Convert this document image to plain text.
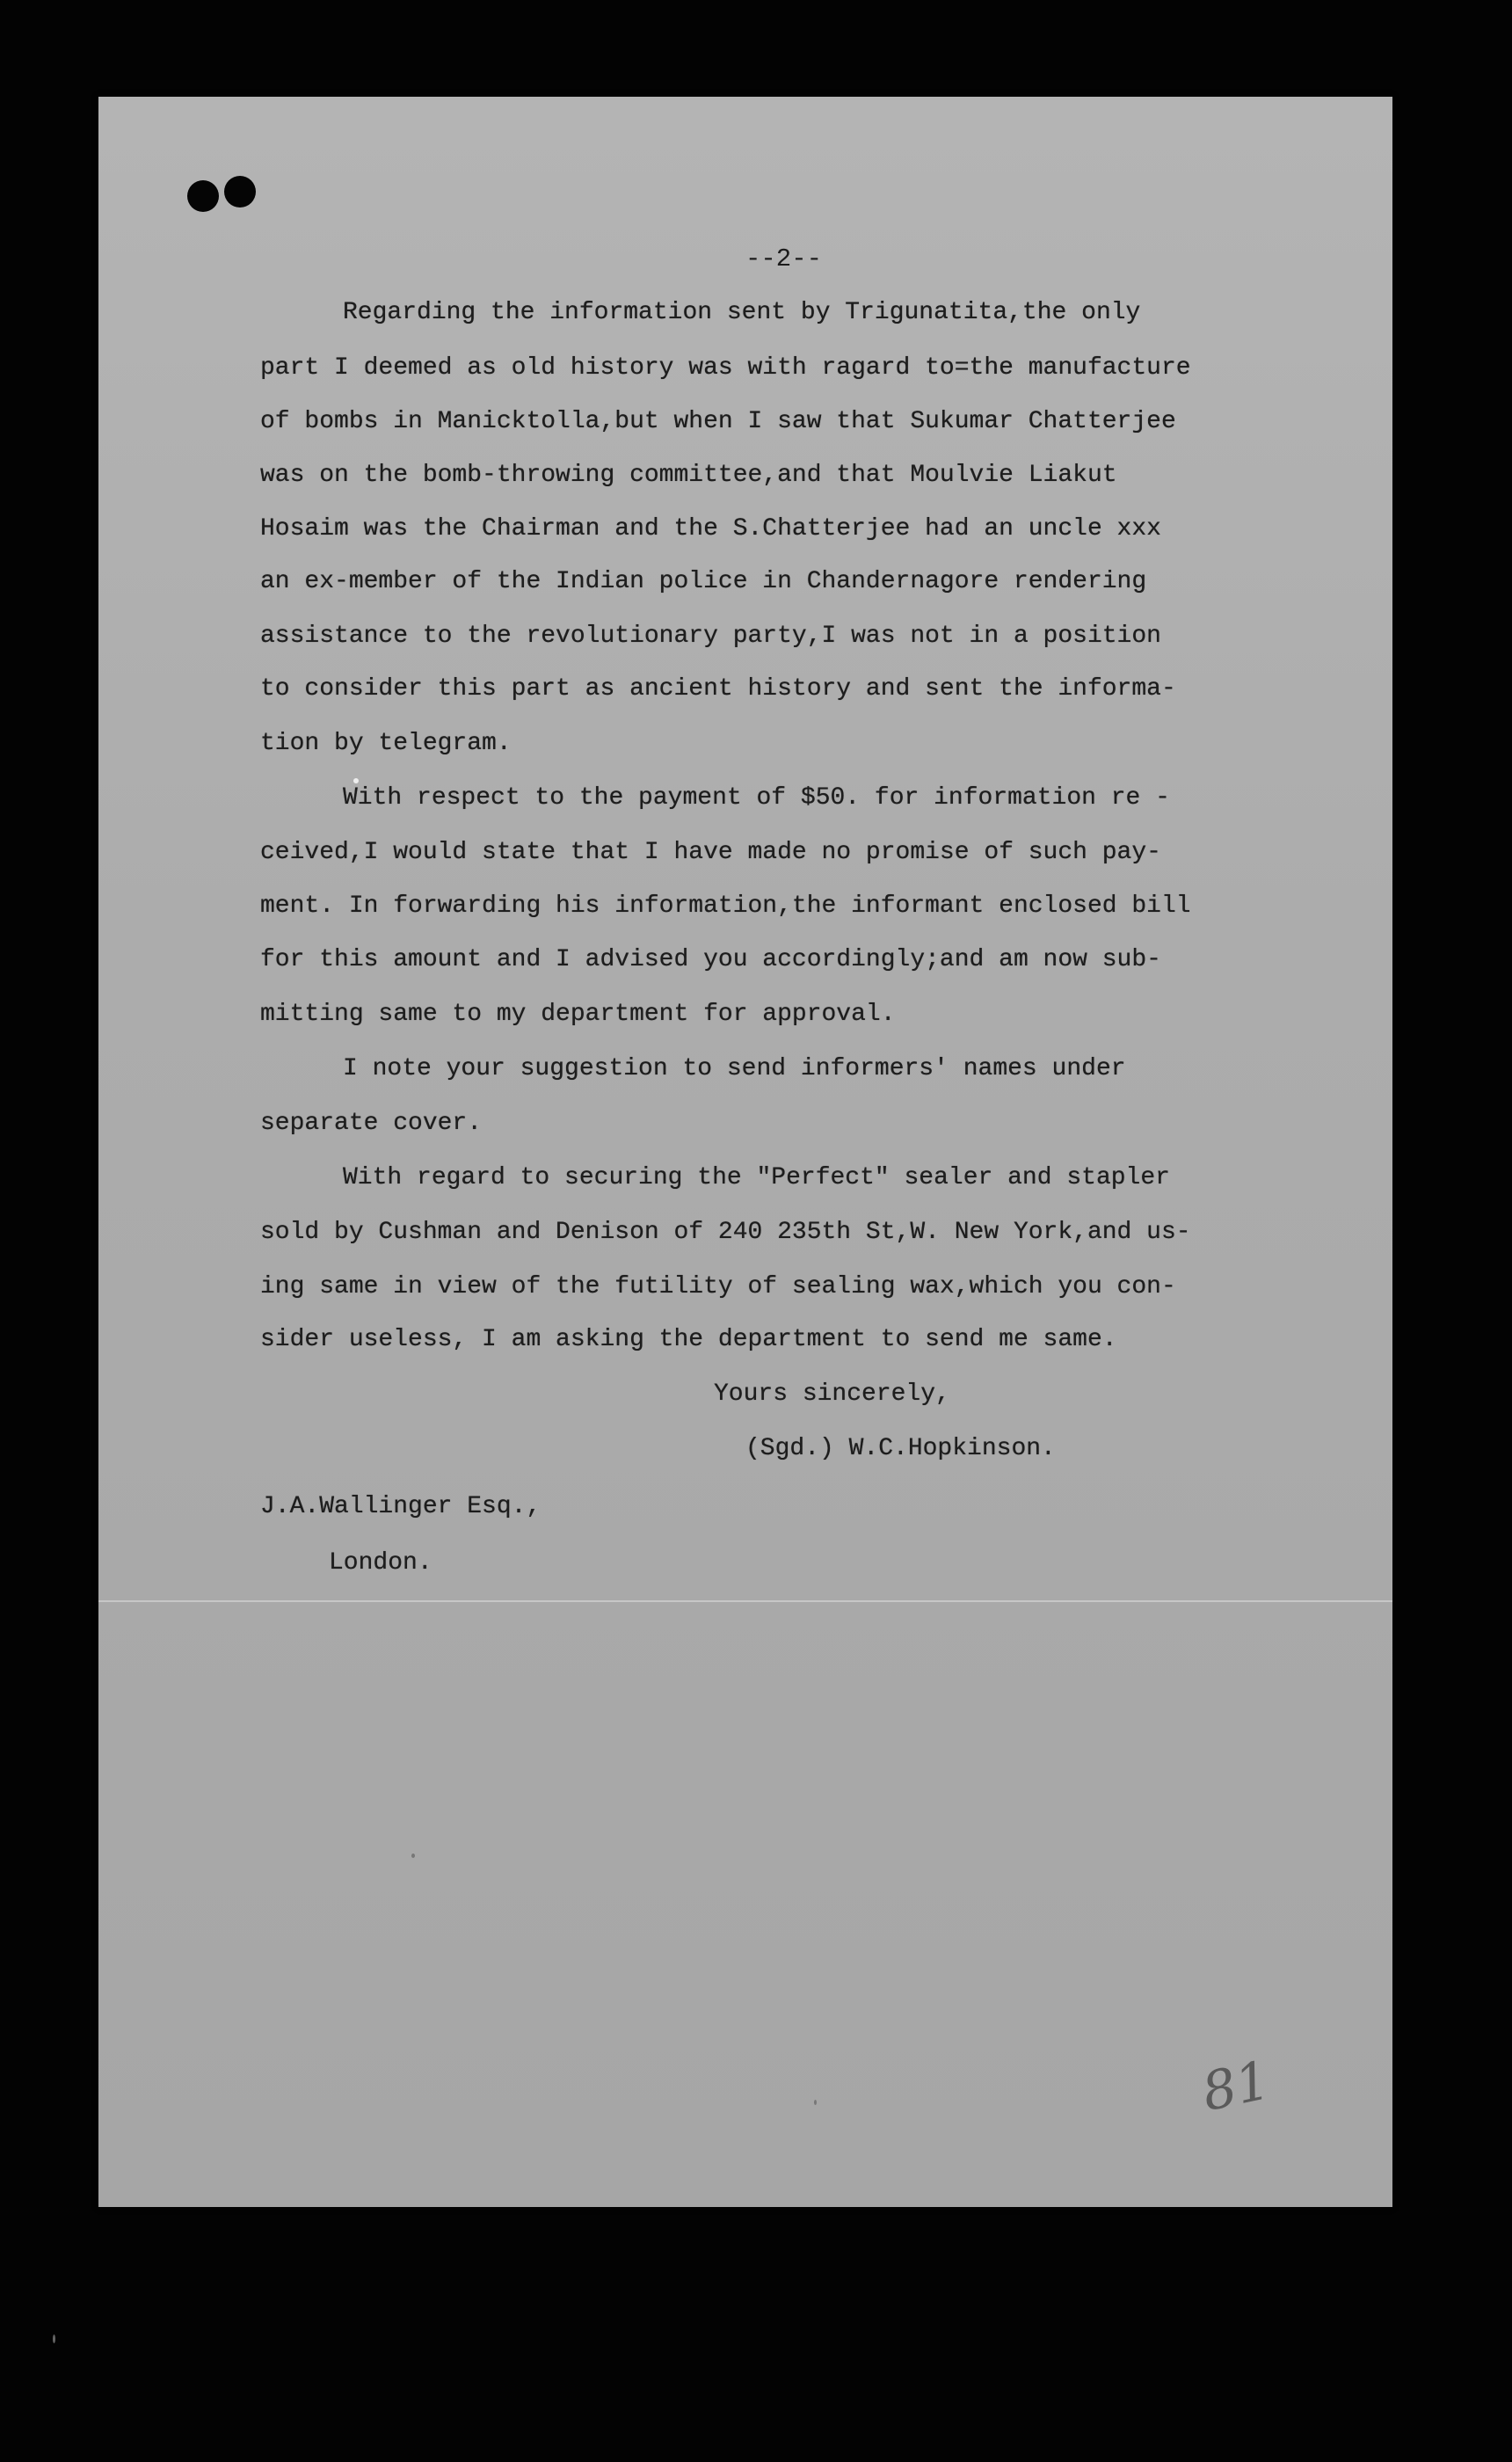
--2--
Regarding the information sent by Trigunatita,the only
part I deemed as old history was with ragard to=the manufacture
of bombs in Manicktolla,but when I saw that Sukumar Chatterjee
was on the bomb-throwing committee,and that Moulvie Liakut
Hosaim was the Chairman and the S.Chatterjee had an uncle xxx
an ex-member of the Indian police in Chandernagore rendering
assistance to the revolutionary party,I was not in a position
to consider this part as ancient history and sent the informa-
tion by telegram.
With respect to the payment of $50. for information re -
ceived,I would state that I have made no promise of such pay-
ment. In forwarding his information,the informant enclosed bill
for this amount and I advised you accordingly;and am now sub-
mitting same to my department for approval.
I note your suggestion to send informers' names under
separate cover.
With regard to securing the "Perfect" sealer and stapler
sold by Cushman and Denison of 240 235th St,W. New York,and us-
ing same in view of the futility of sealing wax,which you con-
sider useless, I am asking the department to send me same.
Yours sincerely,
(Sgd.) W.C.Hopkinson.
J.A.Wallinger Esq.,
London.
81
